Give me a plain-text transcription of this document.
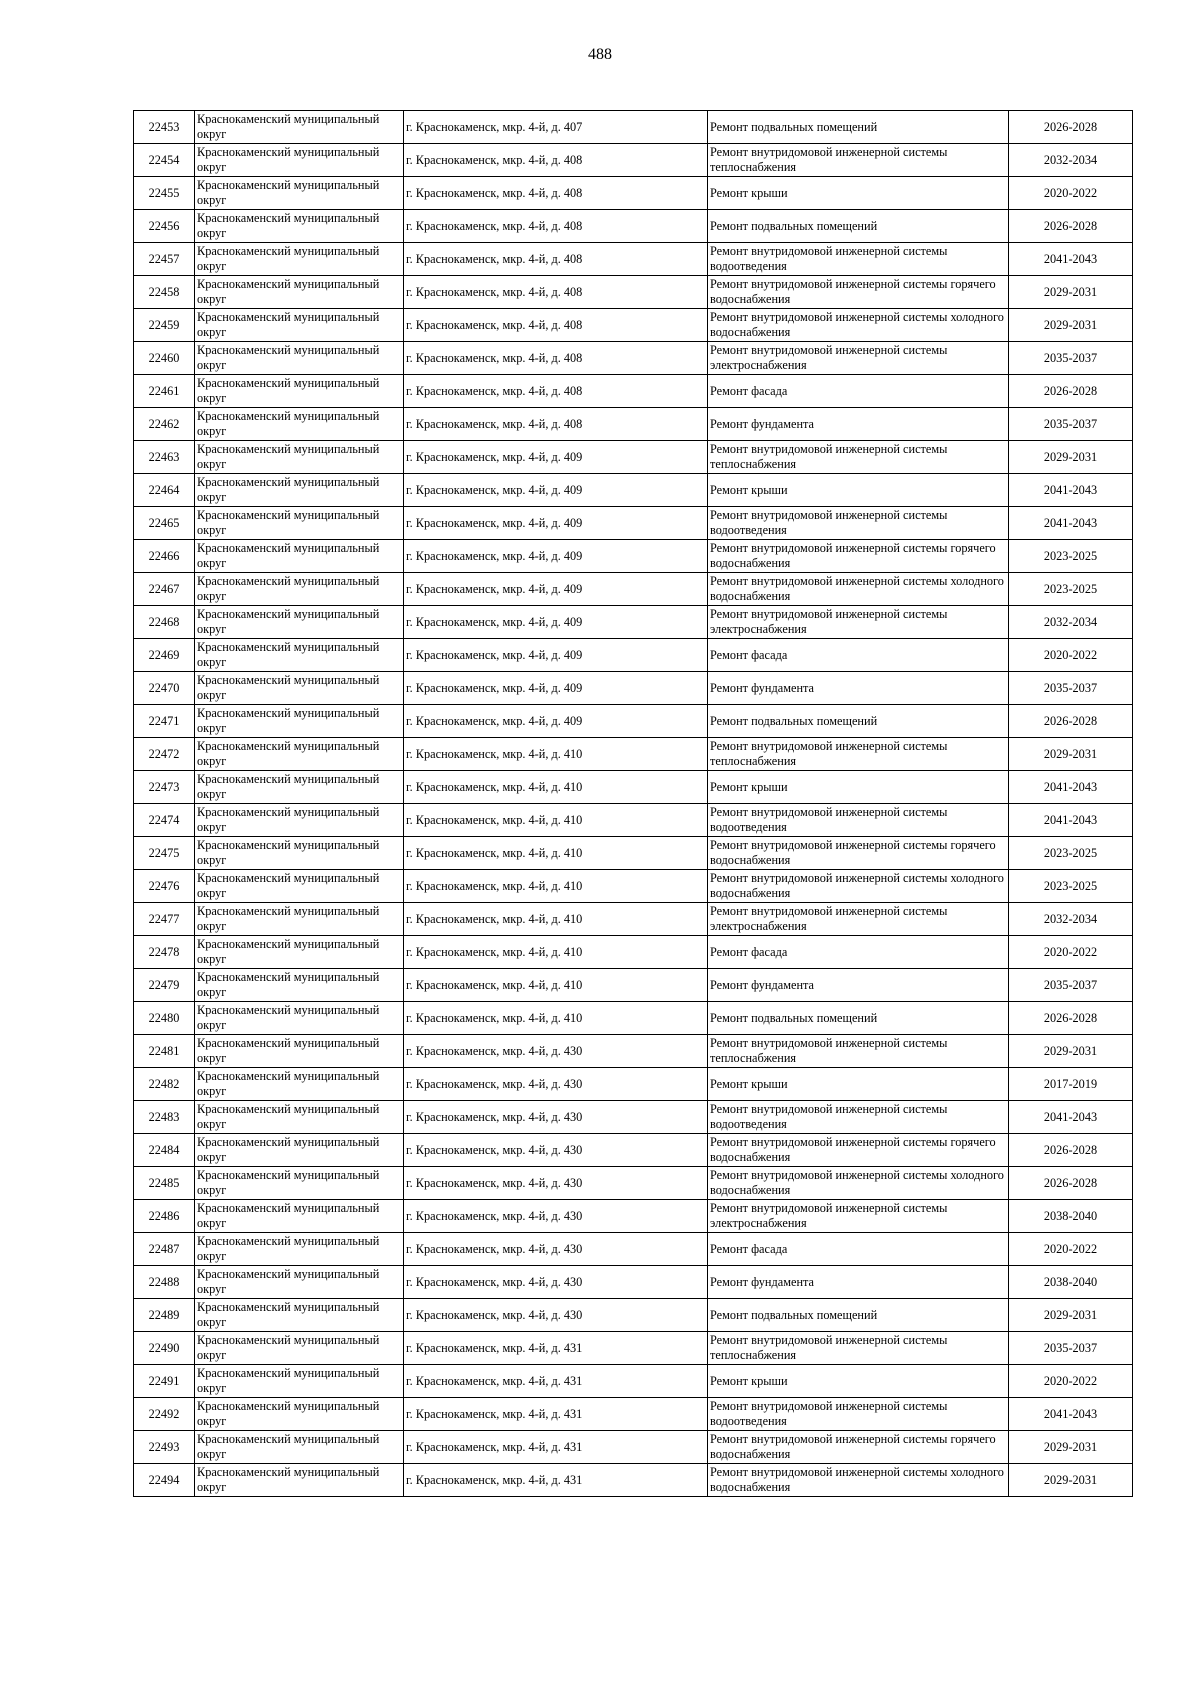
488
22453	Краснокаменский муниципальный округ	г. Краснокаменск, мкр. 4-й, д. 407	Ремонт подвальных помещений	2026-2028
22454	Краснокаменский муниципальный округ	г. Краснокаменск, мкр. 4-й, д. 408	Ремонт внутридомовой инженерной системы теплоснабжения	2032-2034
22455	Краснокаменский муниципальный округ	г. Краснокаменск, мкр. 4-й, д. 408	Ремонт крыши	2020-2022
22456	Краснокаменский муниципальный округ	г. Краснокаменск, мкр. 4-й, д. 408	Ремонт подвальных помещений	2026-2028
22457	Краснокаменский муниципальный округ	г. Краснокаменск, мкр. 4-й, д. 408	Ремонт внутридомовой инженерной системы водоотведения	2041-2043
22458	Краснокаменский муниципальный округ	г. Краснокаменск, мкр. 4-й, д. 408	Ремонт внутридомовой инженерной системы горячего водоснабжения	2029-2031
22459	Краснокаменский муниципальный округ	г. Краснокаменск, мкр. 4-й, д. 408	Ремонт внутридомовой инженерной системы холодного водоснабжения	2029-2031
22460	Краснокаменский муниципальный округ	г. Краснокаменск, мкр. 4-й, д. 408	Ремонт внутридомовой инженерной системы электроснабжения	2035-2037
22461	Краснокаменский муниципальный округ	г. Краснокаменск, мкр. 4-й, д. 408	Ремонт фасада	2026-2028
22462	Краснокаменский муниципальный округ	г. Краснокаменск, мкр. 4-й, д. 408	Ремонт фундамента	2035-2037
22463	Краснокаменский муниципальный округ	г. Краснокаменск, мкр. 4-й, д. 409	Ремонт внутридомовой инженерной системы теплоснабжения	2029-2031
22464	Краснокаменский муниципальный округ	г. Краснокаменск, мкр. 4-й, д. 409	Ремонт крыши	2041-2043
22465	Краснокаменский муниципальный округ	г. Краснокаменск, мкр. 4-й, д. 409	Ремонт внутридомовой инженерной системы водоотведения	2041-2043
22466	Краснокаменский муниципальный округ	г. Краснокаменск, мкр. 4-й, д. 409	Ремонт внутридомовой инженерной системы горячего водоснабжения	2023-2025
22467	Краснокаменский муниципальный округ	г. Краснокаменск, мкр. 4-й, д. 409	Ремонт внутридомовой инженерной системы холодного водоснабжения	2023-2025
22468	Краснокаменский муниципальный округ	г. Краснокаменск, мкр. 4-й, д. 409	Ремонт внутридомовой инженерной системы электроснабжения	2032-2034
22469	Краснокаменский муниципальный округ	г. Краснокаменск, мкр. 4-й, д. 409	Ремонт фасада	2020-2022
22470	Краснокаменский муниципальный округ	г. Краснокаменск, мкр. 4-й, д. 409	Ремонт фундамента	2035-2037
22471	Краснокаменский муниципальный округ	г. Краснокаменск, мкр. 4-й, д. 409	Ремонт подвальных помещений	2026-2028
22472	Краснокаменский муниципальный округ	г. Краснокаменск, мкр. 4-й, д. 410	Ремонт внутридомовой инженерной системы теплоснабжения	2029-2031
22473	Краснокаменский муниципальный округ	г. Краснокаменск, мкр. 4-й, д. 410	Ремонт крыши	2041-2043
22474	Краснокаменский муниципальный округ	г. Краснокаменск, мкр. 4-й, д. 410	Ремонт внутридомовой инженерной системы водоотведения	2041-2043
22475	Краснокаменский муниципальный округ	г. Краснокаменск, мкр. 4-й, д. 410	Ремонт внутридомовой инженерной системы горячего водоснабжения	2023-2025
22476	Краснокаменский муниципальный округ	г. Краснокаменск, мкр. 4-й, д. 410	Ремонт внутридомовой инженерной системы холодного водоснабжения	2023-2025
22477	Краснокаменский муниципальный округ	г. Краснокаменск, мкр. 4-й, д. 410	Ремонт внутридомовой инженерной системы электроснабжения	2032-2034
22478	Краснокаменский муниципальный округ	г. Краснокаменск, мкр. 4-й, д. 410	Ремонт фасада	2020-2022
22479	Краснокаменский муниципальный округ	г. Краснокаменск, мкр. 4-й, д. 410	Ремонт фундамента	2035-2037
22480	Краснокаменский муниципальный округ	г. Краснокаменск, мкр. 4-й, д. 410	Ремонт подвальных помещений	2026-2028
22481	Краснокаменский муниципальный округ	г. Краснокаменск, мкр. 4-й, д. 430	Ремонт внутридомовой инженерной системы теплоснабжения	2029-2031
22482	Краснокаменский муниципальный округ	г. Краснокаменск, мкр. 4-й, д. 430	Ремонт крыши	2017-2019
22483	Краснокаменский муниципальный округ	г. Краснокаменск, мкр. 4-й, д. 430	Ремонт внутридомовой инженерной системы водоотведения	2041-2043
22484	Краснокаменский муниципальный округ	г. Краснокаменск, мкр. 4-й, д. 430	Ремонт внутридомовой инженерной системы горячего водоснабжения	2026-2028
22485	Краснокаменский муниципальный округ	г. Краснокаменск, мкр. 4-й, д. 430	Ремонт внутридомовой инженерной системы холодного водоснабжения	2026-2028
22486	Краснокаменский муниципальный округ	г. Краснокаменск, мкр. 4-й, д. 430	Ремонт внутридомовой инженерной системы электроснабжения	2038-2040
22487	Краснокаменский муниципальный округ	г. Краснокаменск, мкр. 4-й, д. 430	Ремонт фасада	2020-2022
22488	Краснокаменский муниципальный округ	г. Краснокаменск, мкр. 4-й, д. 430	Ремонт фундамента	2038-2040
22489	Краснокаменский муниципальный округ	г. Краснокаменск, мкр. 4-й, д. 430	Ремонт подвальных помещений	2029-2031
22490	Краснокаменский муниципальный округ	г. Краснокаменск, мкр. 4-й, д. 431	Ремонт внутридомовой инженерной системы теплоснабжения	2035-2037
22491	Краснокаменский муниципальный округ	г. Краснокаменск, мкр. 4-й, д. 431	Ремонт крыши	2020-2022
22492	Краснокаменский муниципальный округ	г. Краснокаменск, мкр. 4-й, д. 431	Ремонт внутридомовой инженерной системы водоотведения	2041-2043
22493	Краснокаменский муниципальный округ	г. Краснокаменск, мкр. 4-й, д. 431	Ремонт внутридомовой инженерной системы горячего водоснабжения	2029-2031
22494	Краснокаменский муниципальный округ	г. Краснокаменск, мкр. 4-й, д. 431	Ремонт внутридомовой инженерной системы холодного водоснабжения	2029-2031
